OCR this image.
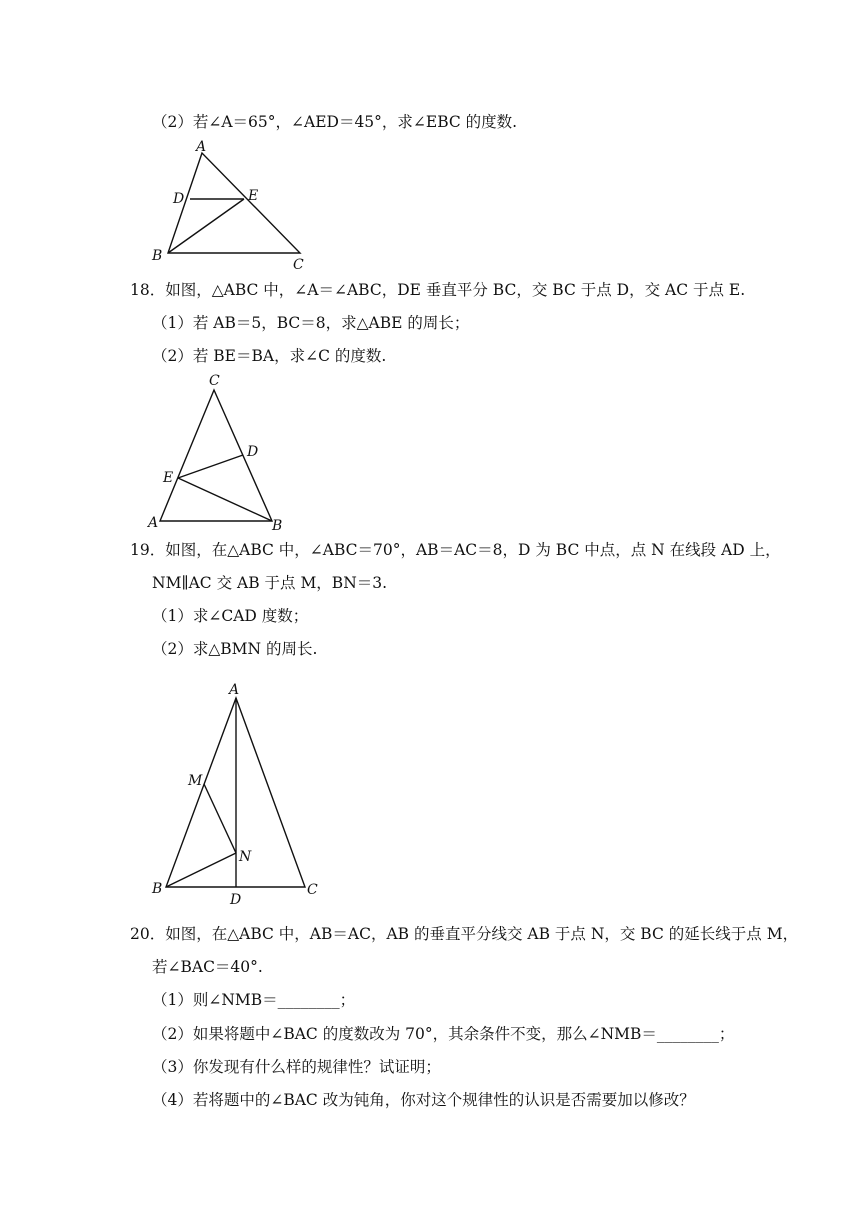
（2）若∠A＝65°，∠AED＝45°，求∠EBC 的度数.
A
D	E
B
C
18．如图，△ABC 中，∠A＝∠ABC，DE 垂直平分 BC，交 BC 于点 D，交 AC 于点 E.
（1）若 AB＝5，BC＝8，求△ABE 的周长；
（2）若 BE＝BA，求∠C 的度数.
C
D
E
A	B
19．如图，在△ABC 中，∠ABC＝70°，AB＝AC＝8，D 为 BC 中点，点 N 在线段 AD 上，
NM∥AC 交 AB 于点 M，BN＝3.
（1）求∠CAD 度数；
（2）求△BMN 的周长.
A
M
N
B
D
C
20．如图，在△ABC 中，AB＝AC，AB 的垂直平分线交 AB 于点 N，交 BC 的延长线于点 M，
若∠BAC＝40°.
（1）则∠NMB＝________；
（2）如果将题中∠BAC 的度数改为 70°，其余条件不变，那么∠NMB＝________；
（3）你发现有什么样的规律性？试证明；
（4）若将题中的∠BAC 改为钝角，你对这个规律性的认识是否需要加以修改？
